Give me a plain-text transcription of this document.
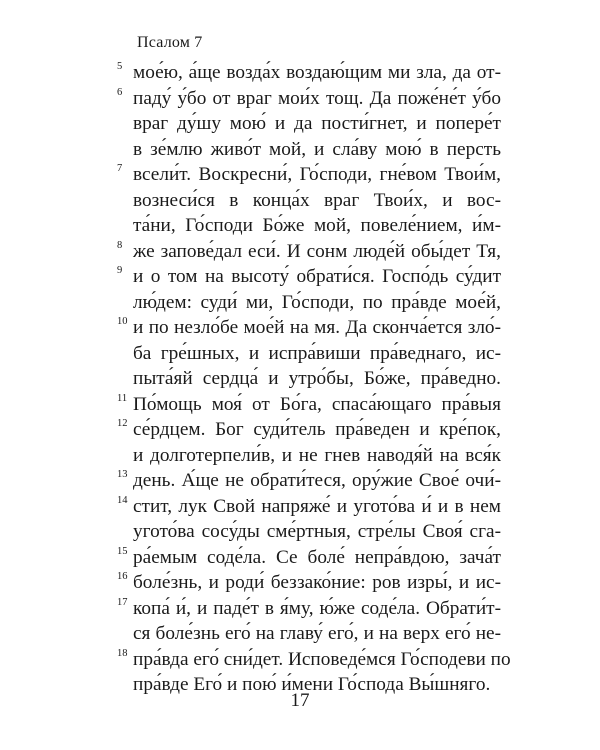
Псалом 7
5 мое́ю, а́ще возда́х воздаю́щим ми зла, да от-
6 паду́ у́бо от враг мои́х тощ. Да поже́не́т у́бо
враг ду́шу мою́ и да пости́гнет, и попере́т
в зе́млю живо́т мой, и сла́ву мою́ в персть
7 всели́т. Воскресни́, Го́споди, гне́вом Твои́м,
вознеси́ся в конца́х враг Твои́х, и вос-
та́ни, Го́споди Бо́же мой, повеле́нием, и́м-
8 же запове́дал еси́. И сонм люде́й обы́дет Тя,
9 и о том на высоту́ обрати́ся. Госпо́дь су́дит
лю́дем: суди́ ми, Го́споди, по пра́вде мое́й,
10 и по незло́бе мое́й на мя. Да сконча́ется зло́-
ба гре́шных, и испра́виши пра́веднаго, ис-
пыта́яй сердца́ и утро́бы, Бо́же, пра́ведно.
11 По́мощь моя́ от Бо́га, спаса́ющаго пра́выя
12 се́рдцем. Бог суди́тель пра́веден и кре́пок,
и долготерпели́в, и не гнев наводя́й на вся́к
13 день. А́ще не обрати́теся, ору́жие Свое́ очи́-
14 стит, лук Свой напряже́ и угото́ва и́ и в нем
угото́ва сосу́ды сме́ртныя, стре́лы Своя́ сга-
15 ра́емым соде́ла. Се боле́ непра́вдою, зача́т
16 боле́знь, и роди́ беззако́ние: ров изры́, и ис-
17 копа́ и́, и паде́т в я́му, ю́же соде́ла. Обрати́т-
ся боле́знь его́ на главу́ его́, и на верх его́ не-
18 пра́вда его́ сни́дет. Исповеде́мся Го́сподеви по
пра́вде Его́ и пою́ и́мени Го́спода Вы́шняго.
17
